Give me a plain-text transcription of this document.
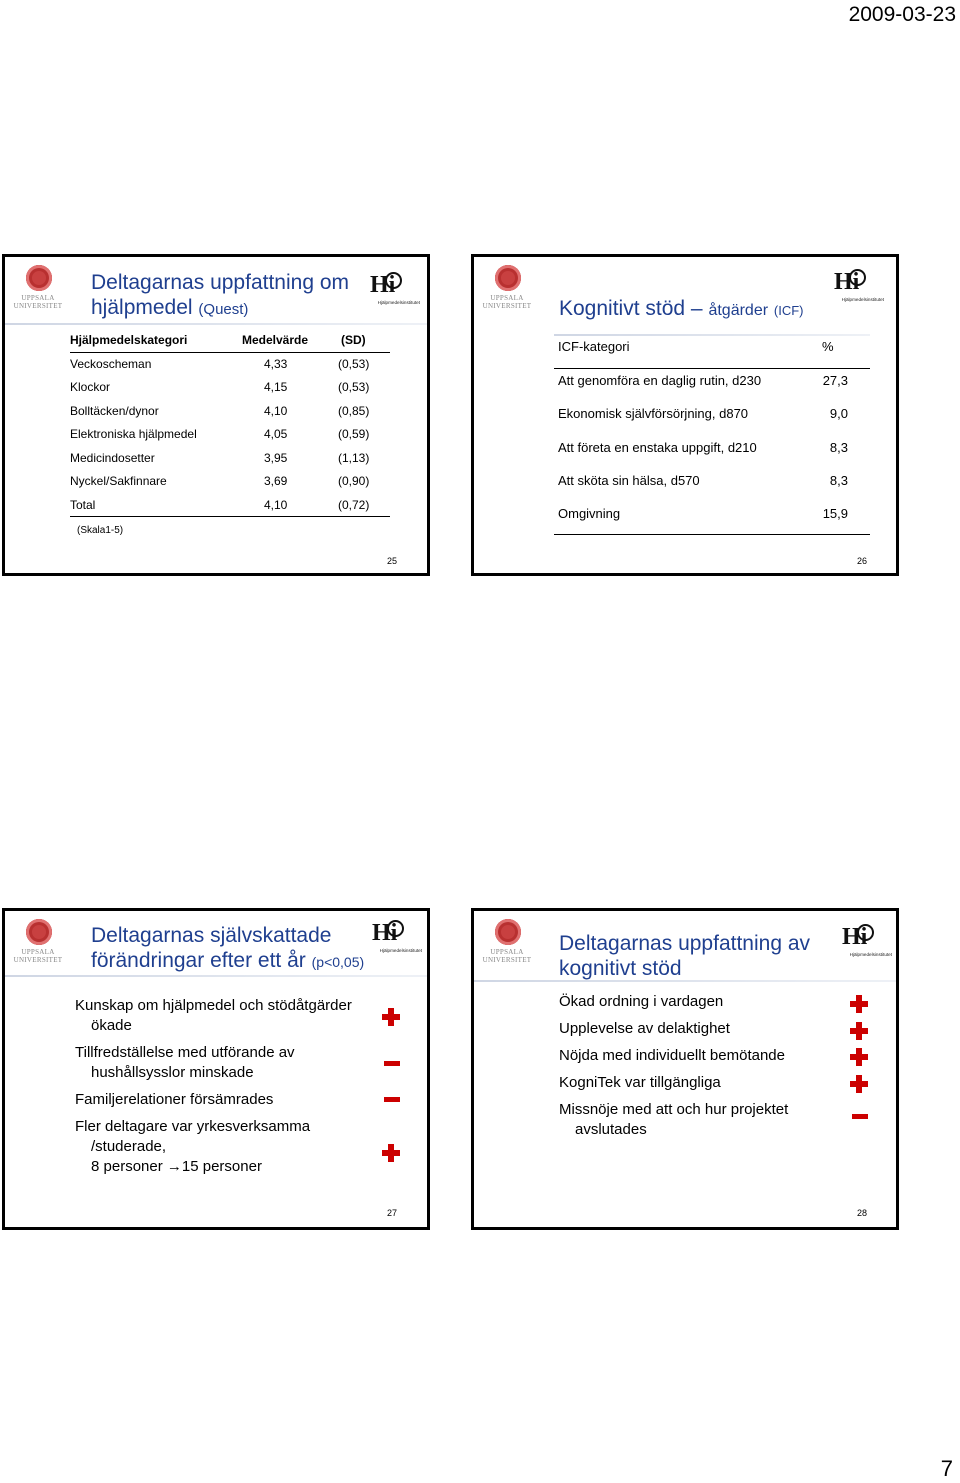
2009-03-23
UPPSALA
UNIVERSITET
Deltagarnas uppfattning om
hjälpmedel (Quest)
Hi
Hjälpmedelsinstitutet
Hjälpmedelskategori	Medelvärde	(SD)
Veckoscheman	4,33	(0,53)
Klockor	4,15	(0,53)
Bolltäcken/dynor	4,10	(0,85)
Elektroniska hjälpmedel	4,05	(0,59)
Medicindosetter	3,95	(1,13)
Nyckel/Sakfinnare	3,69	(0,90)
Total	4,10	(0,72)
(Skala1-5)
25
UPPSALA
UNIVERSITET Kognitivt stöd – åtgärder (ICF)
Hi
Hjälpmedelsinstitutet
ICF-kategori	%
Att genomföra en daglig rutin, d230	27,3
Ekonomisk självförsörjning, d870	9,0
Att företa en enstaka uppgift, d210	8,3
Att sköta sin hälsa, d570	8,3
Omgivning	15,9
26
UPPSALA
UNIVERSITET
Deltagarnas självskattade
förändringar efter ett år (p<0,05)
Hi
Hjälpmedelsinstitutet
Kunskap om hjälpmedel och stödåtgärder
ökade
Tillfredställelse med utförande av
hushållsysslor minskade
Familjerelationer försämrades
Fler deltagare var yrkesverksamma
/studerade,
8 personer →15 personer
27
UPPSALA
UNIVERSITET
Deltagarnas uppfattning av
kognitivt stöd
Hi
Hjälpmedelsinstitutet
Ökad ordning i vardagen
Upplevelse av delaktighet
Nöjda med individuellt bemötande
KogniTek var tillgängliga
Missnöje med att och hur projektet
avslutades
28
7
